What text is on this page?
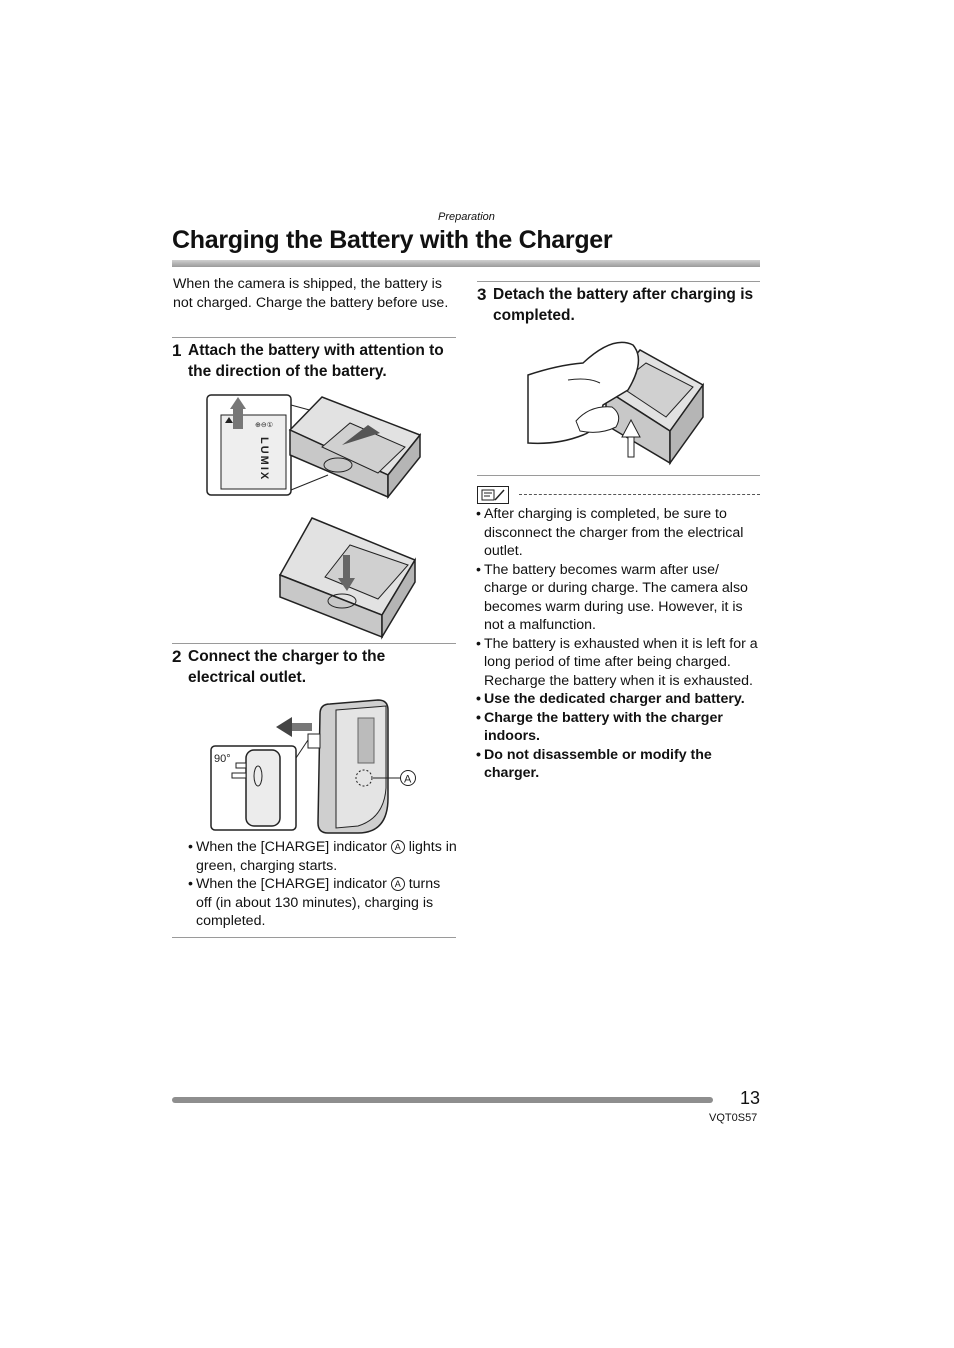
Preparation
Charging the Battery with the Charger
When the camera is shipped, the battery is not charged. Charge the battery before use.
1 Attach the battery with attention to the direction of the battery.
⊕⊖①
LUMIX
2 Connect the charger to the electrical outlet.
90°
A
• When the [CHARGE] indicator A lights in green, charging starts.
• When the [CHARGE] indicator A turns off (in about 130 minutes), charging is completed.
3 Detach the battery after charging is completed.
• After charging is completed, be sure to disconnect the charger from the electrical outlet.
• The battery becomes warm after use/ charge or during charge. The camera also becomes warm during use. However, it is not a malfunction.
• The battery is exhausted when it is left for a long period of time after being charged. Recharge the battery when it is exhausted.
• Use the dedicated charger and battery.
• Charge the battery with the charger indoors.
• Do not disassemble or modify the charger.
13
VQT0S57
